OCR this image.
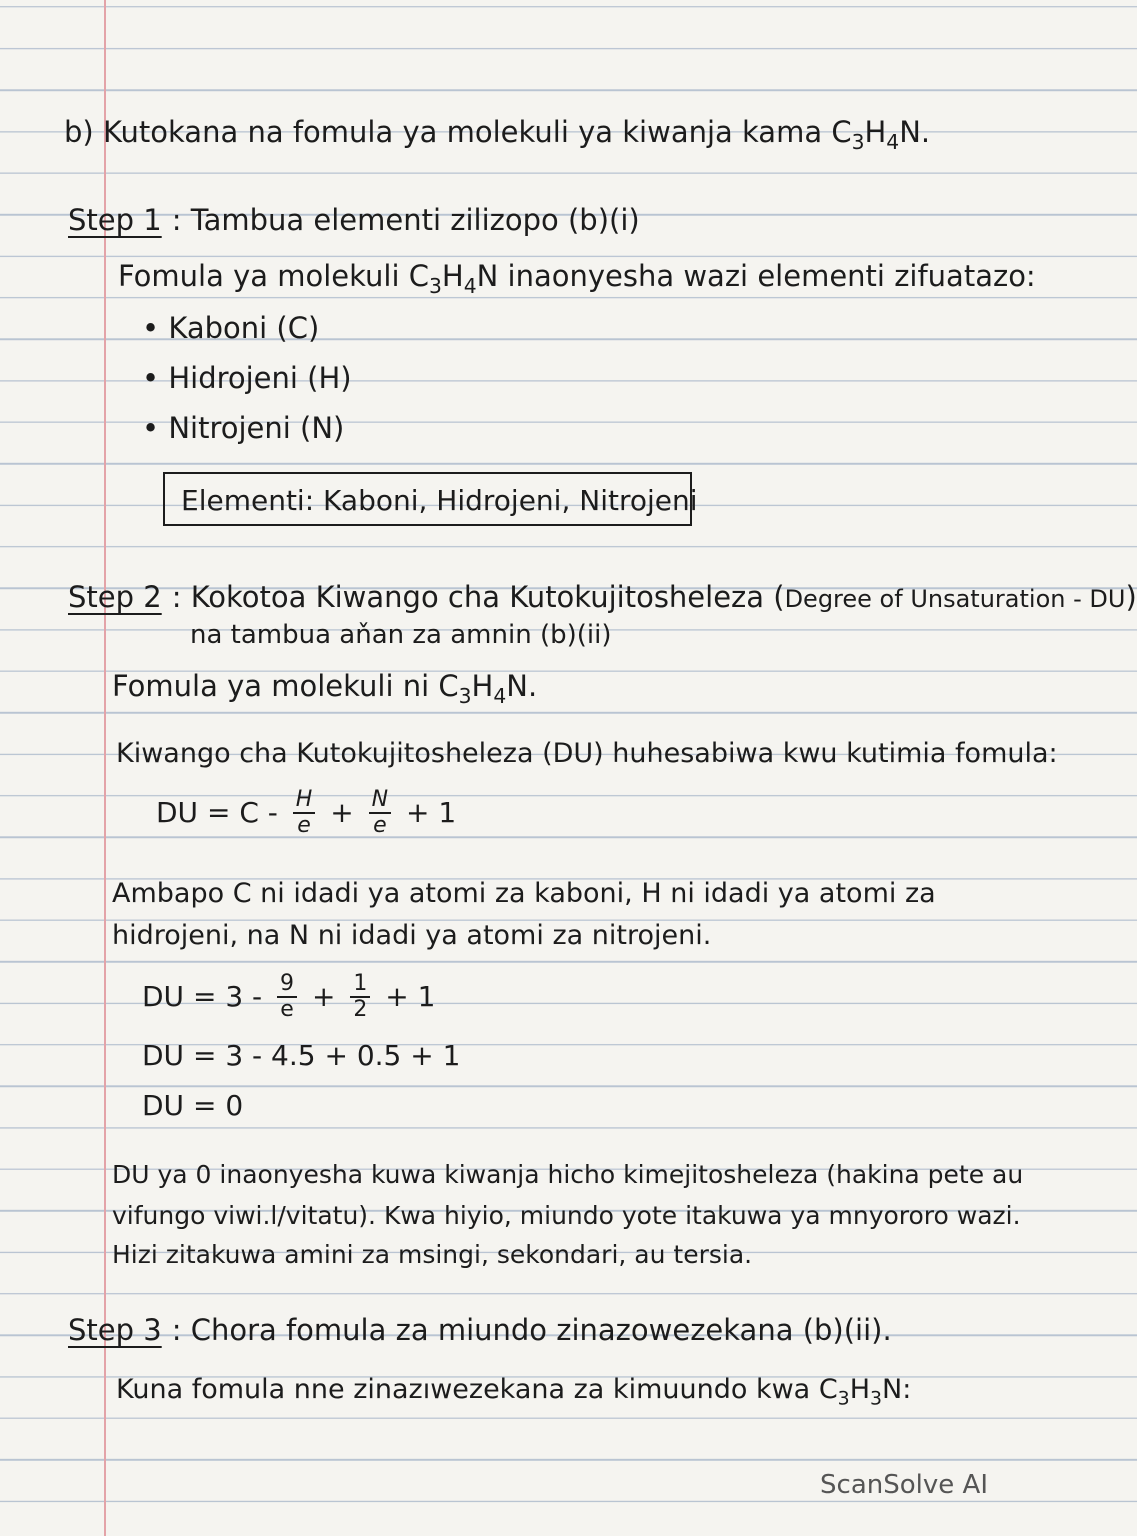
b) Kutokana na fomula ya molekuli ya kiwanja kama $C_3H_4N$.
Step 1 : Tambua elementi zilizopo (b)(i)
Fomula ya molekuli $C_3H_4N$ inaonyesha wazi elementi zifuatazo:
• Kaboni (C)
• Hidrojeni (H)
• Nitrojeni (N)
Elementi: Kaboni, Hidrojeni, Nitrojeni
Step 2 : Kokotoa Kiwango cha Kutokujitosheleza (Degree of Unsaturation - DU)
na tambua aňan za amnin (b)(ii)
Fomula ya molekuli ni $C_3H_4N$.
Kiwango cha Kutokujitosheleza (DU) huhesabiwa kwu kutimia fomula:
DU = $C - \frac{H}{e} + \frac{N}{e} + 1$
Ambapo C ni idadi ya atomi za kaboni, H ni idadi ya atomi za
hidrojeni, na N ni idadi ya atomi za nitrojeni.
DU = $3 - \frac{9}{e} + \frac{1}{2} + 1$
DU = 3 - 4.5 + 0.5 + 1
DU = 0
DU ya 0 inaonyesha kuwa kiwanja hicho kimejitosheleza (hakina pete au
vifungo viwi.l/vitatu). Kwa hiyio, miundo yote itakuwa ya mnyororo wazi.
Hizi zitakuwa amini za msingi, sekondari, au tersia.
Step 3 : Chora fomula za miundo zinazowezekana (b)(ii).
Kuna fomula nne zinazıwezekana za kimuundo kwa $C_3H_3N$:
ScanSolve AI
